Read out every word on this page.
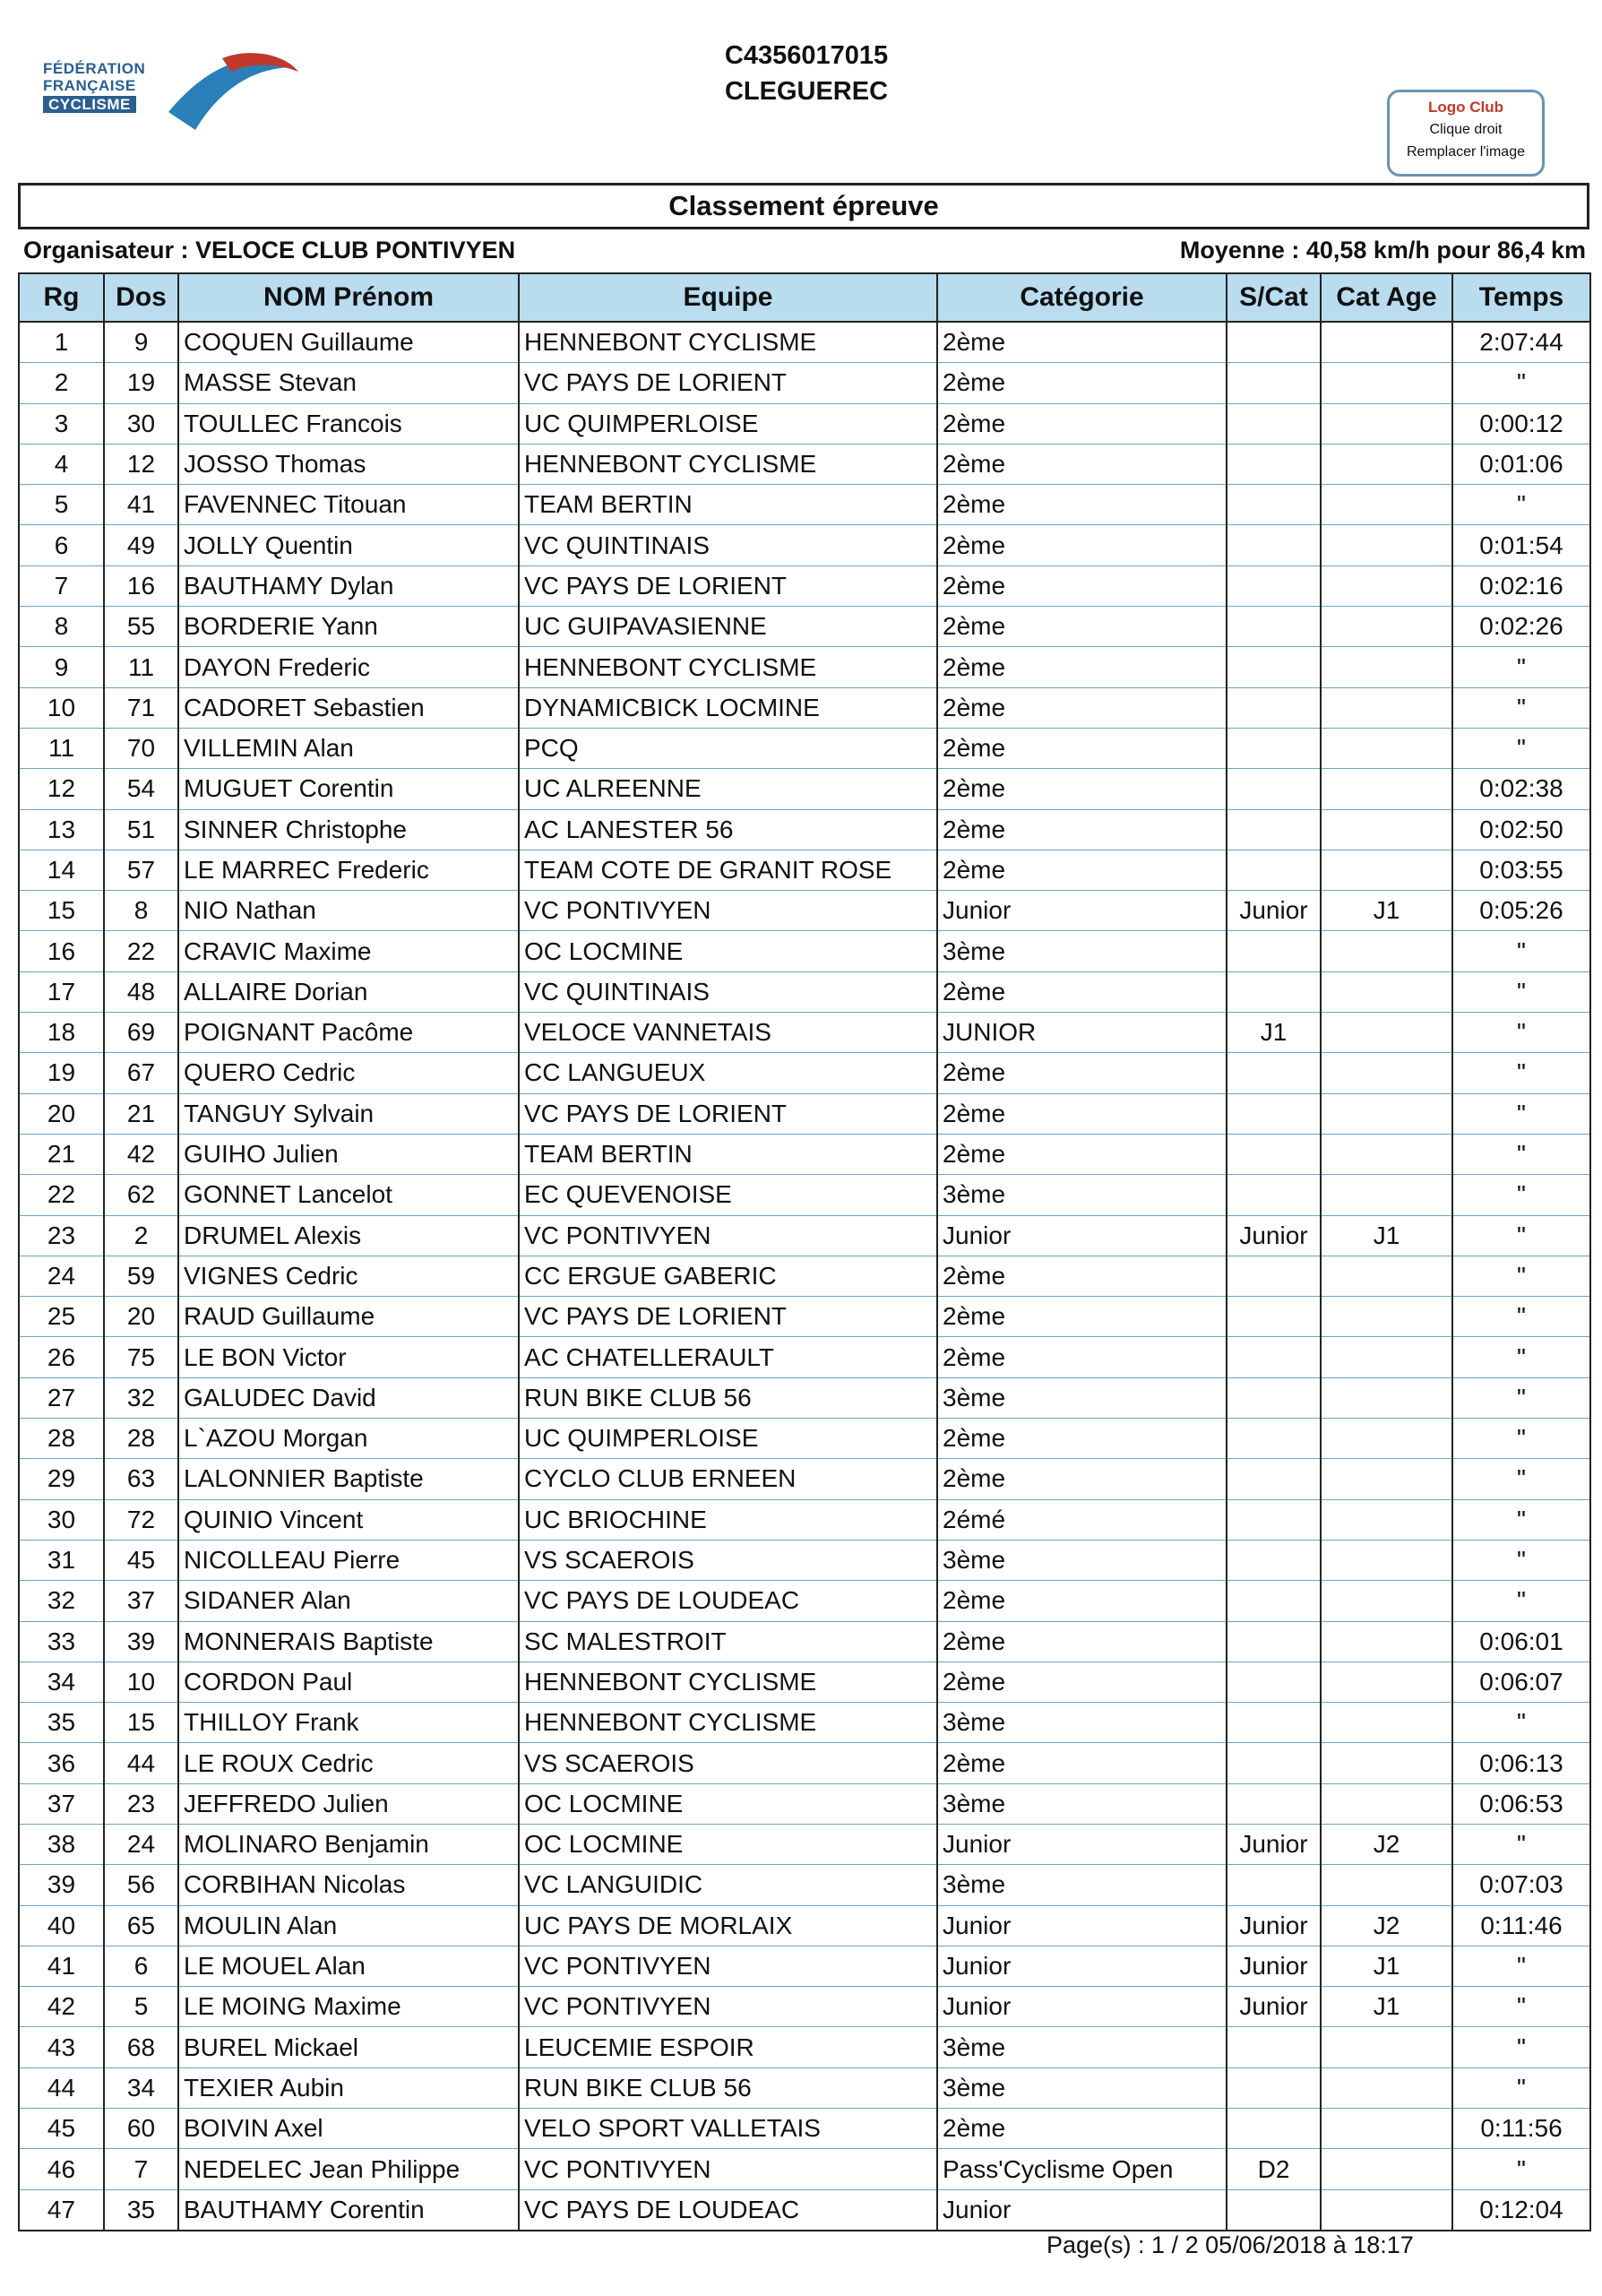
FÉDÉRATION
FRANÇAISE
CYCLISME
C4356017015
CLEGUEREC
Logo Club
Clique droit
Remplacer l'image
Classement épreuve
Organisateur : VELOCE CLUB PONTIVYEN	Moyenne : 40,58 km/h pour 86,4 km
Rg	Dos	NOM Prénom	Equipe	Catégorie	S/Cat	Cat Age	Temps
1	9	COQUEN Guillaume	HENNEBONT CYCLISME	2ème			2:07:44
2	19	MASSE Stevan	VC PAYS DE LORIENT	2ème			"
3	30	TOULLEC Francois	UC QUIMPERLOISE	2ème			0:00:12
4	12	JOSSO Thomas	HENNEBONT CYCLISME	2ème			0:01:06
5	41	FAVENNEC Titouan	TEAM BERTIN	2ème			"
6	49	JOLLY Quentin	VC QUINTINAIS	2ème			0:01:54
7	16	BAUTHAMY Dylan	VC PAYS DE LORIENT	2ème			0:02:16
8	55	BORDERIE Yann	UC GUIPAVASIENNE	2ème			0:02:26
9	11	DAYON Frederic	HENNEBONT CYCLISME	2ème			"
10	71	CADORET Sebastien	DYNAMICBICK LOCMINE	2ème			"
11	70	VILLEMIN Alan	PCQ	2ème			"
12	54	MUGUET Corentin	UC ALREENNE	2ème			0:02:38
13	51	SINNER Christophe	AC LANESTER 56	2ème			0:02:50
14	57	LE MARREC Frederic	TEAM COTE DE GRANIT ROSE	2ème			0:03:55
15	8	NIO Nathan	VC PONTIVYEN	Junior	Junior	J1	0:05:26
16	22	CRAVIC Maxime	OC LOCMINE	3ème			"
17	48	ALLAIRE Dorian	VC QUINTINAIS	2ème			"
18	69	POIGNANT Pacôme	VELOCE VANNETAIS	JUNIOR	J1		"
19	67	QUERO Cedric	CC LANGUEUX	2ème			"
20	21	TANGUY Sylvain	VC PAYS DE LORIENT	2ème			"
21	42	GUIHO Julien	TEAM BERTIN	2ème			"
22	62	GONNET Lancelot	EC QUEVENOISE	3ème			"
23	2	DRUMEL Alexis	VC PONTIVYEN	Junior	Junior	J1	"
24	59	VIGNES Cedric	CC ERGUE GABERIC	2ème			"
25	20	RAUD Guillaume	VC PAYS DE LORIENT	2ème			"
26	75	LE BON Victor	AC CHATELLERAULT	2ème			"
27	32	GALUDEC David	RUN BIKE CLUB 56	3ème			"
28	28	L`AZOU Morgan	UC QUIMPERLOISE	2ème			"
29	63	LALONNIER Baptiste	CYCLO CLUB ERNEEN	2ème			"
30	72	QUINIO Vincent	UC BRIOCHINE	2émé			"
31	45	NICOLLEAU Pierre	VS SCAEROIS	3ème			"
32	37	SIDANER Alan	VC PAYS DE LOUDEAC	2ème			"
33	39	MONNERAIS Baptiste	SC MALESTROIT	2ème			0:06:01
34	10	CORDON Paul	HENNEBONT CYCLISME	2ème			0:06:07
35	15	THILLOY Frank	HENNEBONT CYCLISME	3ème			"
36	44	LE ROUX Cedric	VS SCAEROIS	2ème			0:06:13
37	23	JEFFREDO Julien	OC LOCMINE	3ème			0:06:53
38	24	MOLINARO Benjamin	OC LOCMINE	Junior	Junior	J2	"
39	56	CORBIHAN Nicolas	VC LANGUIDIC	3ème			0:07:03
40	65	MOULIN Alan	UC PAYS DE MORLAIX	Junior	Junior	J2	0:11:46
41	6	LE MOUEL Alan	VC PONTIVYEN	Junior	Junior	J1	"
42	5	LE MOING Maxime	VC PONTIVYEN	Junior	Junior	J1	"
43	68	BUREL Mickael	LEUCEMIE ESPOIR	3ème			"
44	34	TEXIER Aubin	RUN BIKE CLUB 56	3ème			"
45	60	BOIVIN Axel	VELO SPORT VALLETAIS	2ème			0:11:56
46	7	NEDELEC Jean Philippe	VC PONTIVYEN	Pass'Cyclisme Open	D2		"
47	35	BAUTHAMY Corentin	VC PAYS DE LOUDEAC	Junior			0:12:04
Page(s) : 1 / 2 05/06/2018 à 18:17
